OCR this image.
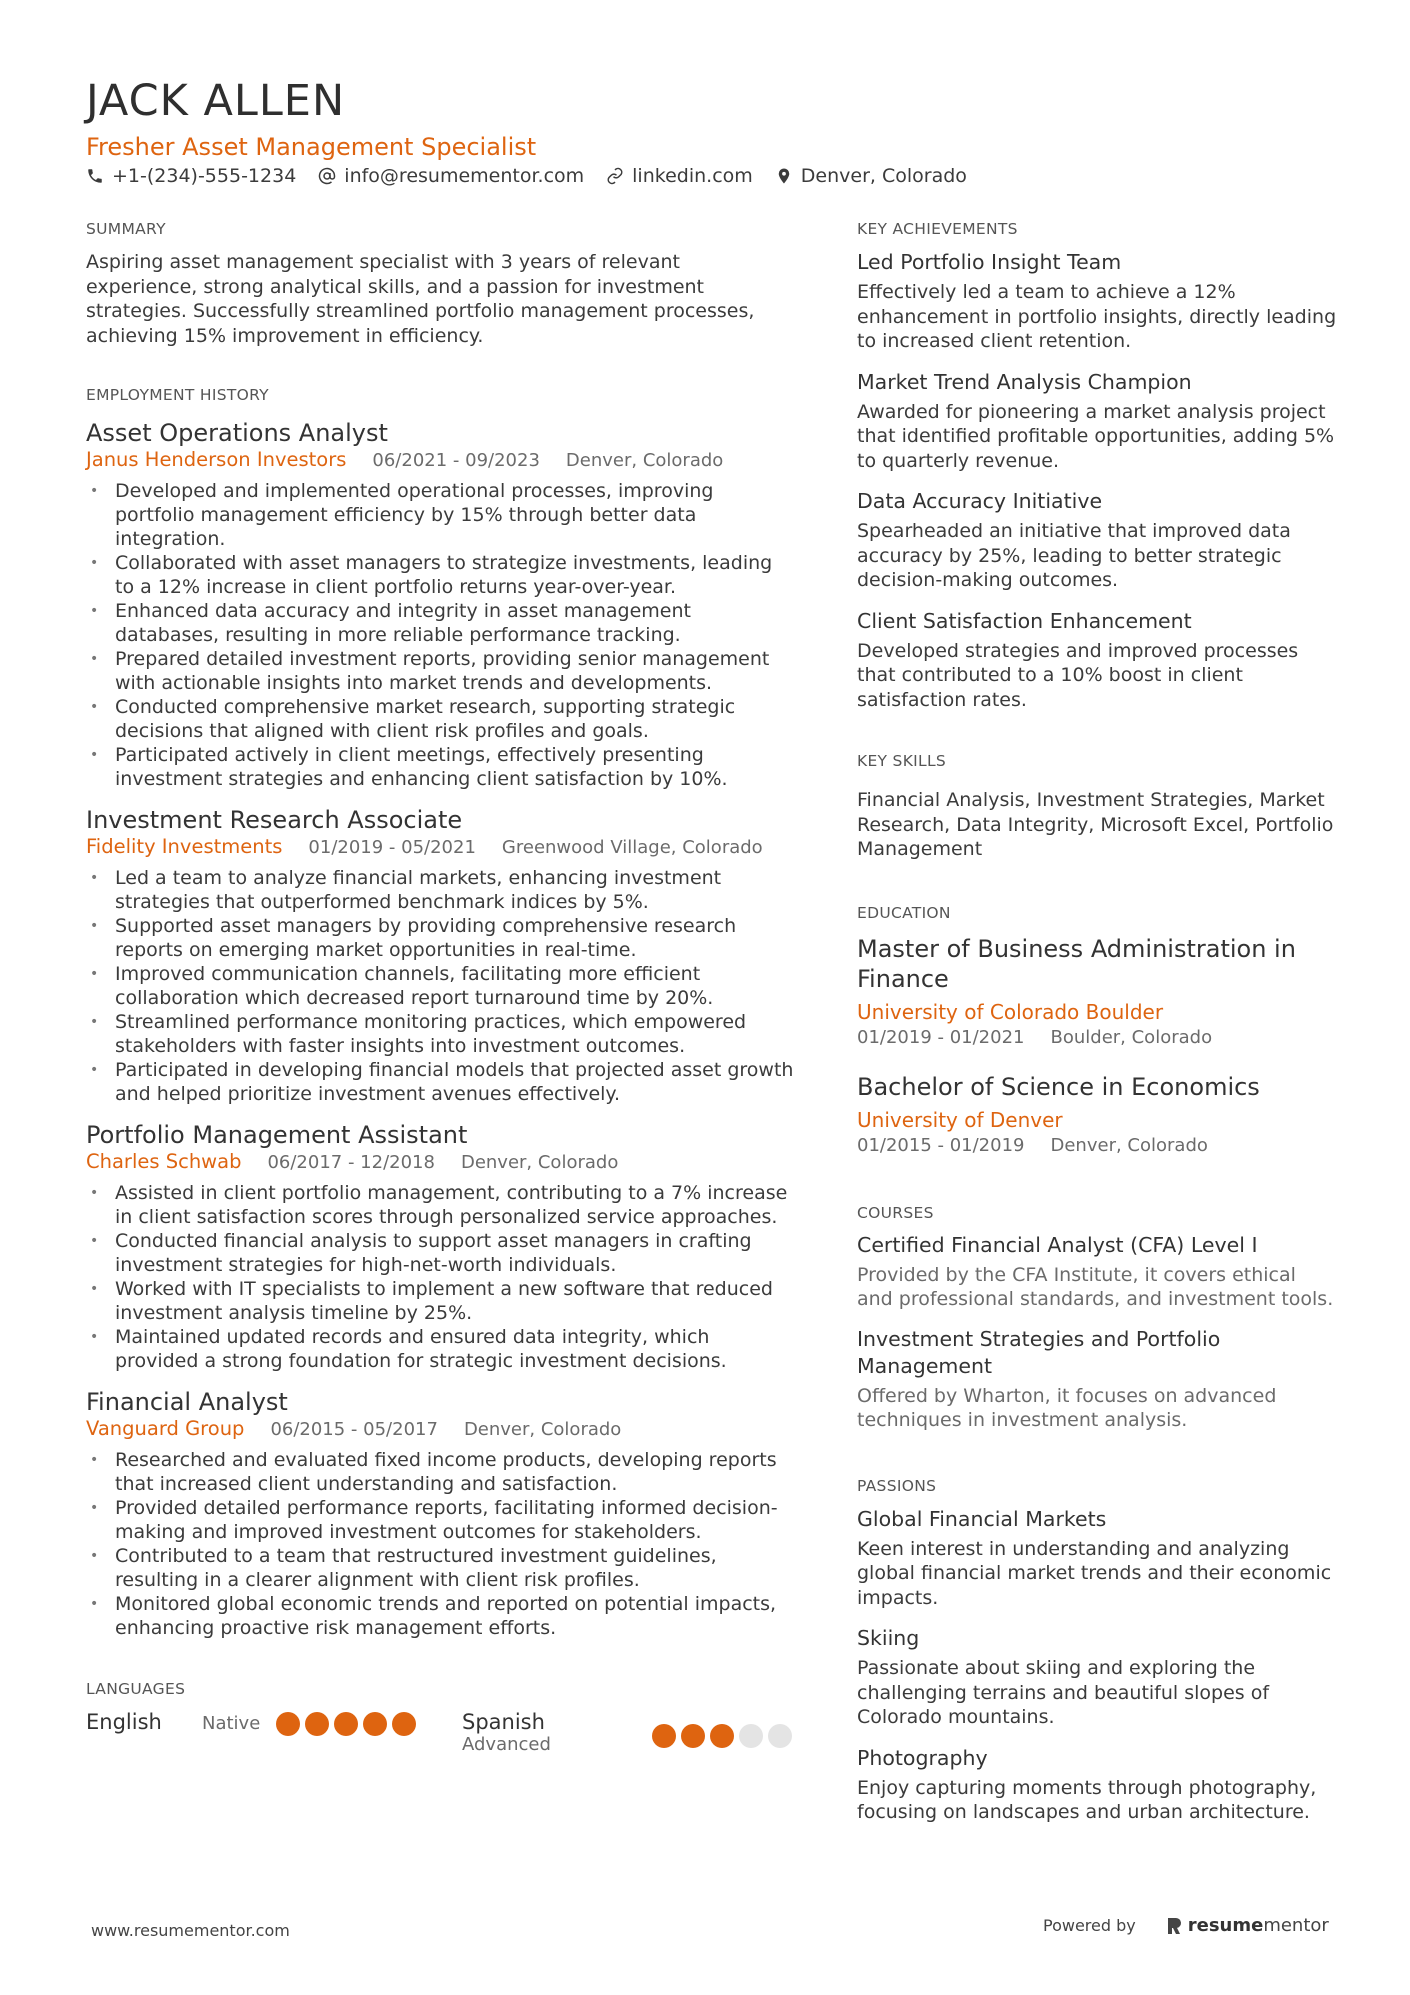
JACK ALLEN
Fresher Asset Management Specialist
+1-(234)-555-1234	info@resumementor.com	linkedin.com	Denver, Colorado
SUMMARY
Aspiring asset management specialist with 3 years of relevant experience, strong analytical skills, and a passion for investment strategies. Successfully streamlined portfolio management processes, achieving 15% improvement in efficiency.
EMPLOYMENT HISTORY
Asset Operations Analyst
Janus Henderson Investors 06/2021 - 09/2023 Denver, Colorado
• Developed and implemented operational processes, improving portfolio management efficiency by 15% through better data integration.
• Collaborated with asset managers to strategize investments, leading to a 12% increase in client portfolio returns year-over-year.
• Enhanced data accuracy and integrity in asset management databases, resulting in more reliable performance tracking.
• Prepared detailed investment reports, providing senior management with actionable insights into market trends and developments.
• Conducted comprehensive market research, supporting strategic decisions that aligned with client risk profiles and goals.
• Participated actively in client meetings, effectively presenting investment strategies and enhancing client satisfaction by 10%.
Investment Research Associate
Fidelity Investments 01/2019 - 05/2021 Greenwood Village, Colorado
• Led a team to analyze financial markets, enhancing investment strategies that outperformed benchmark indices by 5%.
• Supported asset managers by providing comprehensive research reports on emerging market opportunities in real-time.
• Improved communication channels, facilitating more efficient collaboration which decreased report turnaround time by 20%.
• Streamlined performance monitoring practices, which empowered stakeholders with faster insights into investment outcomes.
• Participated in developing financial models that projected asset growth and helped prioritize investment avenues effectively.
Portfolio Management Assistant
Charles Schwab 06/2017 - 12/2018 Denver, Colorado
• Assisted in client portfolio management, contributing to a 7% increase in client satisfaction scores through personalized service approaches.
• Conducted financial analysis to support asset managers in crafting investment strategies for high-net-worth individuals.
• Worked with IT specialists to implement a new software that reduced investment analysis timeline by 25%.
• Maintained updated records and ensured data integrity, which provided a strong foundation for strategic investment decisions.
Financial Analyst
Vanguard Group 06/2015 - 05/2017 Denver, Colorado
• Researched and evaluated fixed income products, developing reports that increased client understanding and satisfaction.
• Provided detailed performance reports, facilitating informed decision-making and improved investment outcomes for stakeholders.
• Contributed to a team that restructured investment guidelines, resulting in a clearer alignment with client risk profiles.
• Monitored global economic trends and reported on potential impacts, enhancing proactive risk management efforts.
LANGUAGES
English Native	Spanish
Advanced
KEY ACHIEVEMENTS
Led Portfolio Insight Team
Effectively led a team to achieve a 12% enhancement in portfolio insights, directly leading to increased client retention.
Market Trend Analysis Champion
Awarded for pioneering a market analysis project that identified profitable opportunities, adding 5% to quarterly revenue.
Data Accuracy Initiative
Spearheaded an initiative that improved data accuracy by 25%, leading to better strategic decision-making outcomes.
Client Satisfaction Enhancement
Developed strategies and improved processes that contributed to a 10% boost in client satisfaction rates.
KEY SKILLS
Financial Analysis, Investment Strategies, Market Research, Data Integrity, Microsoft Excel, Portfolio Management
EDUCATION
Master of Business Administration in Finance
University of Colorado Boulder
01/2019 - 01/2021 Boulder, Colorado
Bachelor of Science in Economics
University of Denver
01/2015 - 01/2019 Denver, Colorado
COURSES
Certified Financial Analyst (CFA) Level I
Provided by the CFA Institute, it covers ethical and professional standards, and investment tools.
Investment Strategies and Portfolio Management
Offered by Wharton, it focuses on advanced techniques in investment analysis.
PASSIONS
Global Financial Markets
Keen interest in understanding and analyzing global financial market trends and their economic impacts.
Skiing
Passionate about skiing and exploring the challenging terrains and beautiful slopes of Colorado mountains.
Photography
Enjoy capturing moments through photography, focusing on landscapes and urban architecture.
www.resumementor.com	Powered by	resume mentor
